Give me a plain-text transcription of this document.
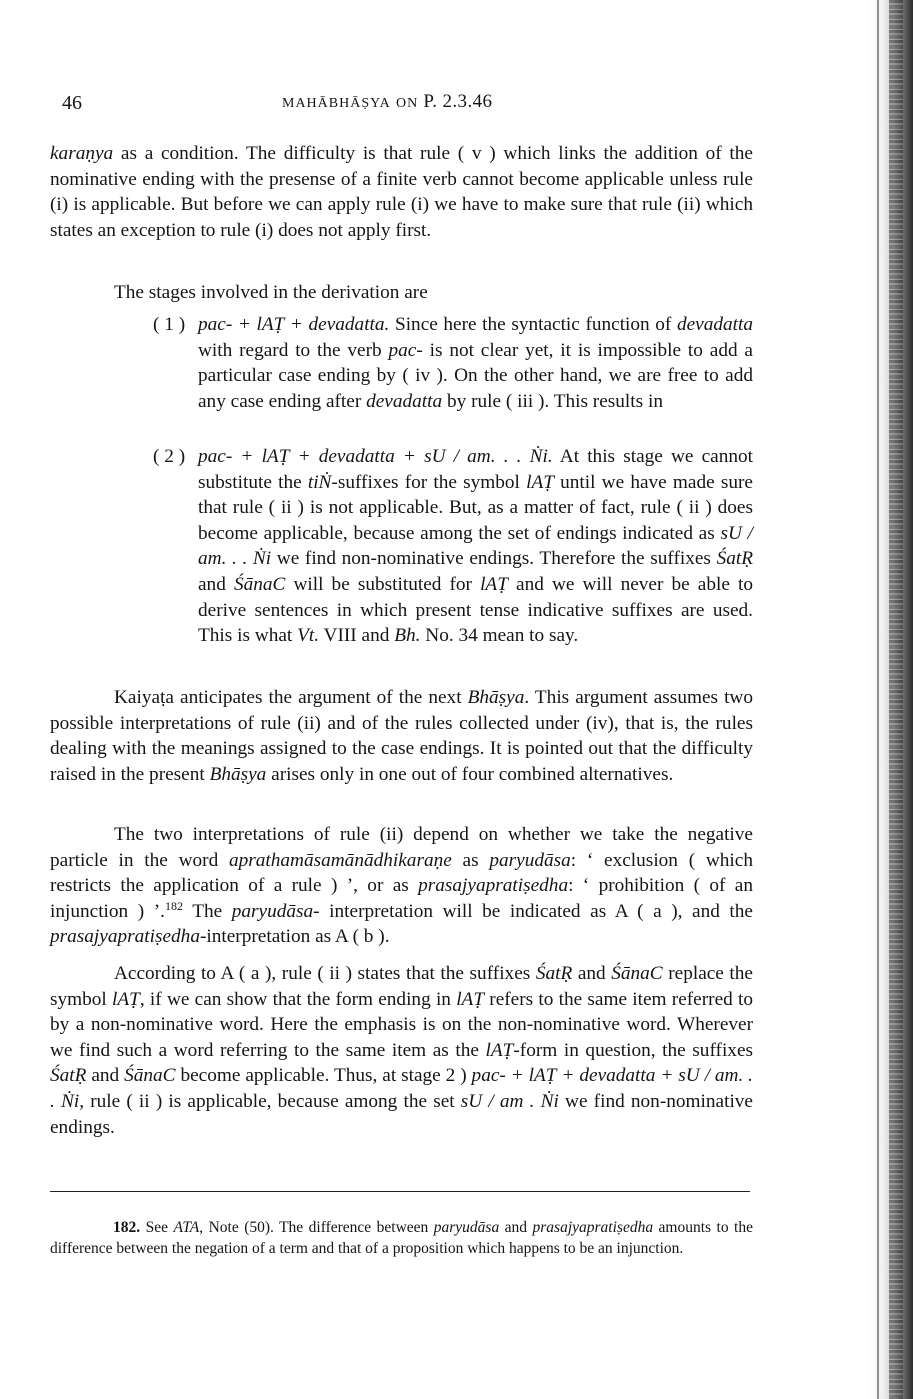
46	MAHĀBHĀṢYA ON P. 2.3.46
karaṇya as a condition. The difficulty is that rule ( v ) which links the addition of the nominative ending with the presense of a finite verb cannot become applicable unless rule (i) is applicable. But before we can apply rule (i) we have to make sure that rule (ii) which states an exception to rule (i) does not apply first.
The stages involved in the derivation are
( 1 ) pac- + lAṬ + devadatta. Since here the syntactic function of devadatta with regard to the verb pac- is not clear yet, it is impossible to add a particular case ending by ( iv ). On the other hand, we are free to add any case ending after devadatta by rule ( iii ). This results in
( 2 ) pac- + lAṬ + devadatta + sU / am. . . Ṅi. At this stage we cannot substitute the tiṄ-suffixes for the symbol lAṬ until we have made sure that rule ( ii ) is not applicable. But, as a matter of fact, rule ( ii ) does become applicable, because among the set of endings indicated as sU / am. . . Ṅi we find non-nominative endings. Therefore the suffixes ŚatṚ and ŚānaC will be substituted for lAṬ and we will never be able to derive sentences in which present tense indicative suffixes are used. This is what Vt. VIII and Bh. No. 34 mean to say.
Kaiyaṭa anticipates the argument of the next Bhāṣya. This argument assumes two possible interpretations of rule (ii) and of the rules collected under (iv), that is, the rules dealing with the meanings assigned to the case endings. It is pointed out that the difficulty raised in the present Bhāṣya arises only in one out of four combined alternatives.
The two interpretations of rule (ii) depend on whether we take the negative particle in the word aprathamāsamānādhikaraṇe as paryudāsa: ‘ exclusion ( which restricts the application of a rule ) ’, or as prasajyapratiṣedha: ‘ prohibition ( of an injunction ) ’.$^{182}$ The paryudāsa- interpretation will be indicated as A ( a ), and the prasajyapratiṣedha-interpretation as A ( b ).
According to A ( a ), rule ( ii ) states that the suffixes ŚatṚ and ŚānaC replace the symbol lAṬ, if we can show that the form ending in lAṬ refers to the same item referred to by a non-nominative word. Here the emphasis is on the non-nominative word. Wherever we find such a word referring to the same item as the lAṬ-form in question, the suffixes ŚatṚ and ŚānaC become applicable. Thus, at stage 2 ) pac- + lAṬ + devadatta + sU / am. . . Ṅi, rule ( ii ) is applicable, because among the set sU / am . Ṅi we find non-nominative endings.
182. See ATA, Note (50). The difference between paryudāsa and prasajyapratiṣedha amounts to the difference between the negation of a term and that of a proposition which happens to be an injunction.
